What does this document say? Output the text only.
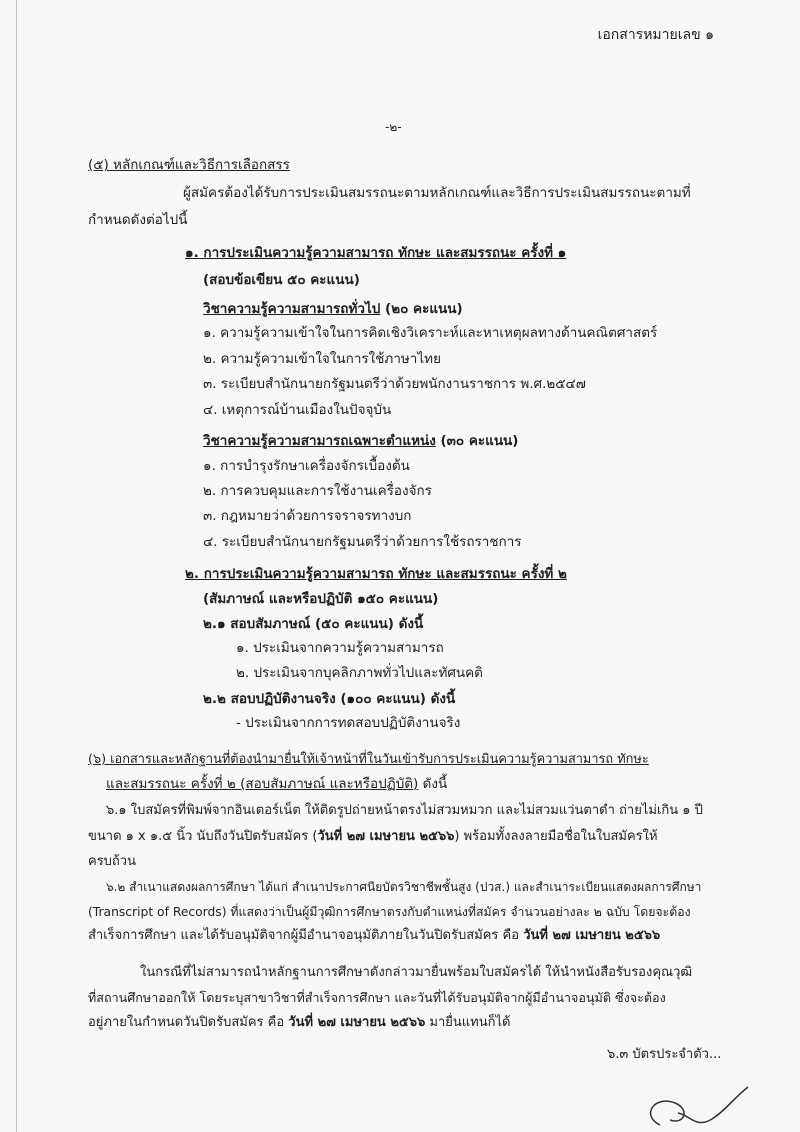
เอกสารหมายเลข ๑
-๒-
(๕) หลักเกณฑ์และวิธีการเลือกสรร
ผู้สมัครต้องได้รับการประเมินสมรรถนะตามหลักเกณฑ์และวิธีการประเมินสมรรถนะตามที่
กำหนดดังต่อไปนี้
๑. การประเมินความรู้ความสามารถ ทักษะ และสมรรถนะ ครั้งที่ ๑
(สอบข้อเขียน ๕๐ คะแนน)
วิชาความรู้ความสามารถทั่วไป (๒๐ คะแนน)
๑. ความรู้ความเข้าใจในการคิดเชิงวิเคราะห์และหาเหตุผลทางด้านคณิตศาสตร์
๒. ความรู้ความเข้าใจในการใช้ภาษาไทย
๓. ระเบียบสำนักนายกรัฐมนตรีว่าด้วยพนักงานราชการ พ.ศ.๒๕๔๗
๔. เหตุการณ์บ้านเมืองในปัจจุบัน
วิชาความรู้ความสามารถเฉพาะตำแหน่ง (๓๐ คะแนน)
๑. การบำรุงรักษาเครื่องจักรเบื้องต้น
๒. การควบคุมและการใช้งานเครื่องจักร
๓. กฎหมายว่าด้วยการจราจรทางบก
๔. ระเบียบสำนักนายกรัฐมนตรีว่าด้วยการใช้รถราชการ
๒. การประเมินความรู้ความสามารถ ทักษะ และสมรรถนะ ครั้งที่ ๒
(สัมภาษณ์ และหรือปฏิบัติ ๑๕๐ คะแนน)
๒.๑ สอบสัมภาษณ์ (๕๐ คะแนน) ดังนี้
๑. ประเมินจากความรู้ความสามารถ
๒. ประเมินจากบุคลิกภาพทั่วไปและทัศนคติ
๒.๒ สอบปฏิบัติงานจริง (๑๐๐ คะแนน) ดังนี้
- ประเมินจากการทดสอบปฏิบัติงานจริง
(๖) เอกสารและหลักฐานที่ต้องนำมายื่นให้เจ้าหน้าที่ในวันเข้ารับการประเมินความรู้ความสามารถ ทักษะ
และสมรรถนะ ครั้งที่ ๒ (สอบสัมภาษณ์ และหรือปฏิบัติ) ดังนี้
๖.๑ ใบสมัครที่พิมพ์จากอินเตอร์เน็ต ให้ติดรูปถ่ายหน้าตรงไม่สวมหมวก และไม่สวมแว่นตาดำ ถ่ายไม่เกิน ๑ ปี
ขนาด ๑ x ๑.๕ นิ้ว นับถึงวันปิดรับสมัคร (วันที่ ๒๗ เมษายน ๒๕๖๖) พร้อมทั้งลงลายมือชื่อในใบสมัครให้
ครบถ้วน
๖.๒ สำเนาแสดงผลการศึกษา ได้แก่ สำเนาประกาศนียบัตรวิชาชีพชั้นสูง (ปวส.) และสำเนาระเบียนแสดงผลการศึกษา
(Transcript of Records) ที่แสดงว่าเป็นผู้มีวุฒิการศึกษาตรงกับตำแหน่งที่สมัคร จำนวนอย่างละ ๒ ฉบับ โดยจะต้อง
สำเร็จการศึกษา และได้รับอนุมัติจากผู้มีอำนาจอนุมัติภายในวันปิดรับสมัคร คือ วันที่ ๒๗ เมษายน ๒๕๖๖
ในกรณีที่ไม่สามารถนำหลักฐานการศึกษาดังกล่าวมายื่นพร้อมใบสมัครได้ ให้นำหนังสือรับรองคุณวุฒิ
ที่สถานศึกษาออกให้ โดยระบุสาขาวิชาที่สำเร็จการศึกษา และวันที่ได้รับอนุมัติจากผู้มีอำนาจอนุมัติ ซึ่งจะต้อง
อยู่ภายในกำหนดวันปิดรับสมัคร คือ วันที่ ๒๗ เมษายน ๒๕๖๖ มายื่นแทนก็ได้
๖.๓ บัตรประจำตัว...
